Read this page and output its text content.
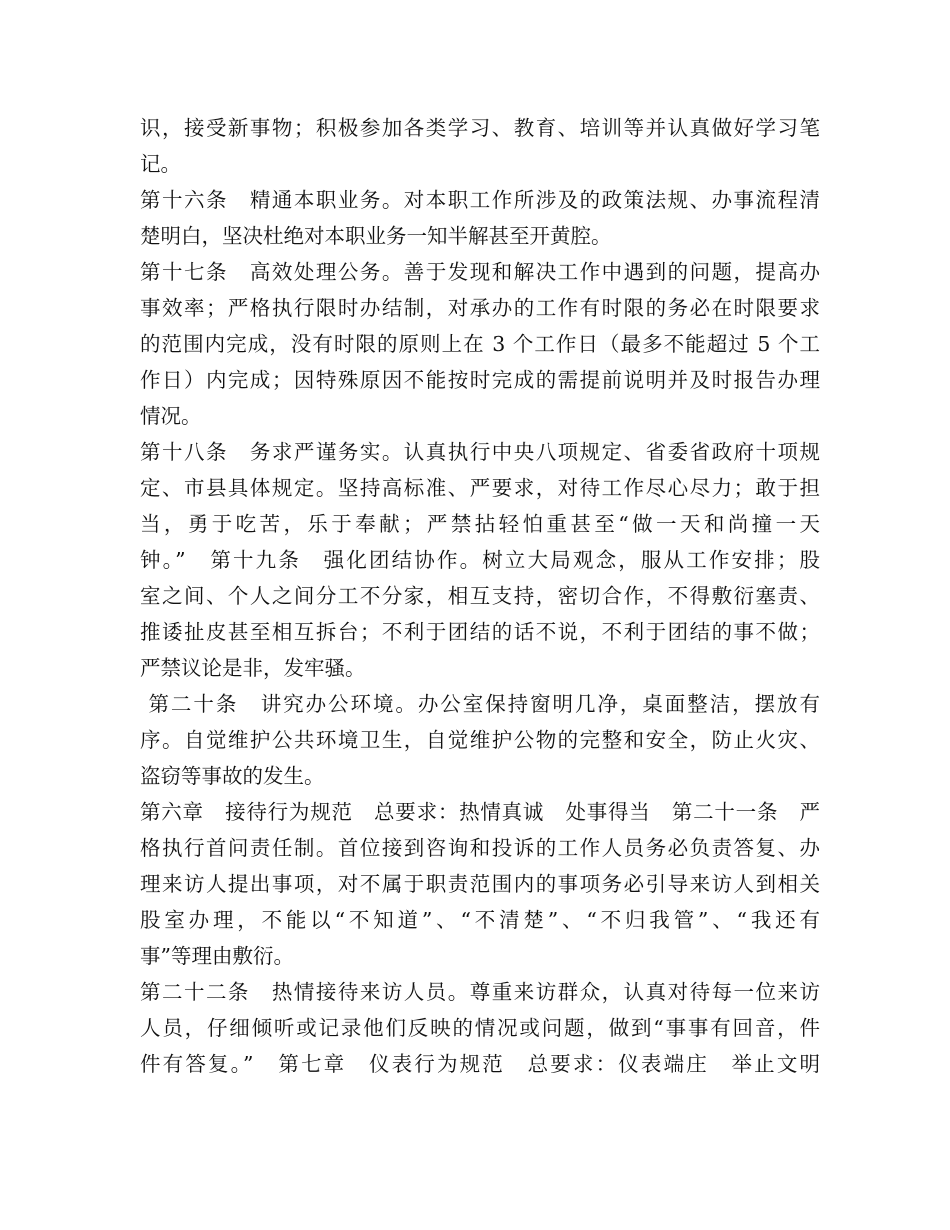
识，接受新事物；积极参加各类学习、教育、培训等并认真做好学习笔
记。
第十六条　精通本职业务。对本职工作所涉及的政策法规、办事流程清
楚明白，坚决杜绝对本职业务一知半解甚至开黄腔。
第十七条　高效处理公务。善于发现和解决工作中遇到的问题，提高办
事效率；严格执行限时办结制，对承办的工作有时限的务必在时限要求
的范围内完成，没有时限的原则上在 3 个工作日（最多不能超过 5 个工
作日）内完成；因特殊原因不能按时完成的需提前说明并及时报告办理
情况。
第十八条　务求严谨务实。认真执行中央八项规定、省委省政府十项规
定、市县具体规定。坚持高标准、严要求，对待工作尽心尽力；敢于担
当，勇于吃苦，乐于奉献；严禁拈轻怕重甚至“做一天和尚撞一天
钟。”　第十九条　强化团结协作。树立大局观念，服从工作安排；股
室之间、个人之间分工不分家，相互支持，密切合作，不得敷衍塞责、
推诿扯皮甚至相互拆台；不利于团结的话不说，不利于团结的事不做；
严禁议论是非，发牢骚。
第二十条　讲究办公环境。办公室保持窗明几净，桌面整洁，摆放有
序。自觉维护公共环境卫生，自觉维护公物的完整和安全，防止火灾、
盗窃等事故的发生。
第六章　接待行为规范　总要求：热情真诚　处事得当　第二十一条　严
格执行首问责任制。首位接到咨询和投诉的工作人员务必负责答复、办
理来访人提出事项，对不属于职责范围内的事项务必引导来访人到相关
股室办理，不能以“不知道”、“不清楚”、“不归我管”、“我还有
事”等理由敷衍。
第二十二条　热情接待来访人员。尊重来访群众，认真对待每一位来访
人员，仔细倾听或记录他们反映的情况或问题，做到“事事有回音，件
件有答复。”　第七章　仪表行为规范　总要求：仪表端庄　举止文明
